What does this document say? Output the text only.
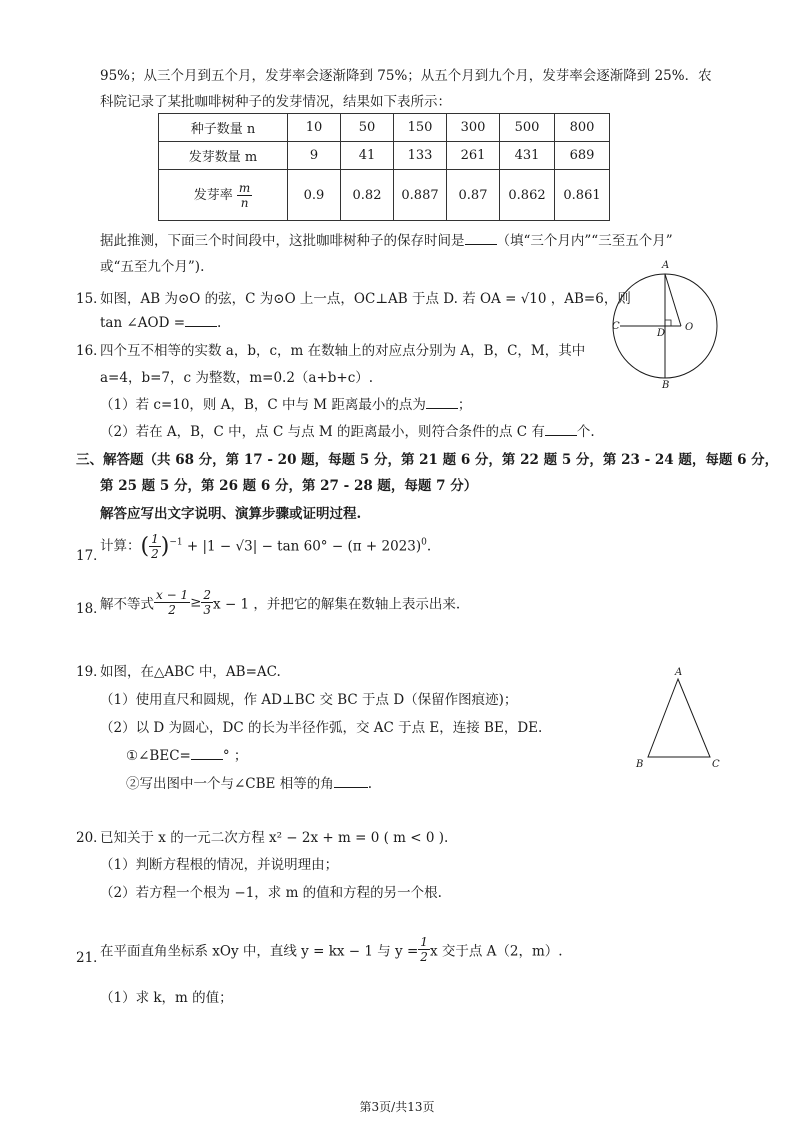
95%；从三个月到五个月，发芽率会逐渐降到 75%；从五个月到九个月，发芽率会逐渐降到 25%．农
科院记录了某批咖啡树种子的发芽情况，结果如下表所示：
种子数量 n	10	50	150	300	500	800
发芽数量 m	9	41	133	261	431	689
发芽率 $\frac{m}{n}$	0.9	0.82	0.887	0.87	0.862	0.861
据此推测，下面三个时间段中，这批咖啡树种子的保存时间是 （填“三个月内”“三至五个月”
或“五至九个月”).
15．
如图，AB 为⊙O 的弦，C 为⊙O 上一点，OC⊥AB 于点 D. 若 OA = √10 ，AB=6，则
tan ∠AOD = .
A
B
C
D
O
16．
四个互不相等的实数 a，b，c，m 在数轴上的对应点分别为 A，B，C，M，其中
a=4，b=7，c 为整数，m=0.2（a+b+c）.
（1）若 c=10，则 A，B，C 中与 M 距离最小的点为 ；
（2）若在 A，B，C 中，点 C 与点 M 的距离最小，则符合条件的点 C 有 个.
三、解答题（共 68 分，第 17 - 20 题，每题 5 分，第 21 题 6 分，第 22 题 5 分，第 23 - 24 题，每题 6 分，
第 25 题 5 分，第 26 题 6 分，第 27 - 28 题，每题 7 分）
解答应写出文字说明、演算步骤或证明过程.
17．
计算：( $\frac{1}{2} )^{-1} + |1 - √3| - \tan 60^\circ - (\pi + 2023)^0$.
18．
解不等式 $\frac{x - 1}{2} \ge \frac{2}{3}$ x − 1 ，并把它的解集在数轴上表示出来.
19．
如图，在△ABC 中，AB=AC.
（1）使用直尺和圆规，作 AD⊥BC 交 BC 于点 D（保留作图痕迹)；
（2）以 D 为圆心，DC 的长为半径作弧，交 AC 于点 E，连接 BE，DE.
①∠BEC= ° ；
②写出图中一个与∠CBE 相等的角	.
A
B	C
20．
已知关于 x 的一元二次方程 x² − 2x + m = 0 ( m < 0 ).
（1）判断方程根的情况，并说明理由；
（2）若方程一个根为 −1，求 m 的值和方程的另一个根.
21．
在平面直角坐标系 xOy 中，直线 y = kx − 1 与 $y = \frac{1}{2}$ x 交于点 A（2，m）.
（1）求 k，m 的值；
第3页/共13页
